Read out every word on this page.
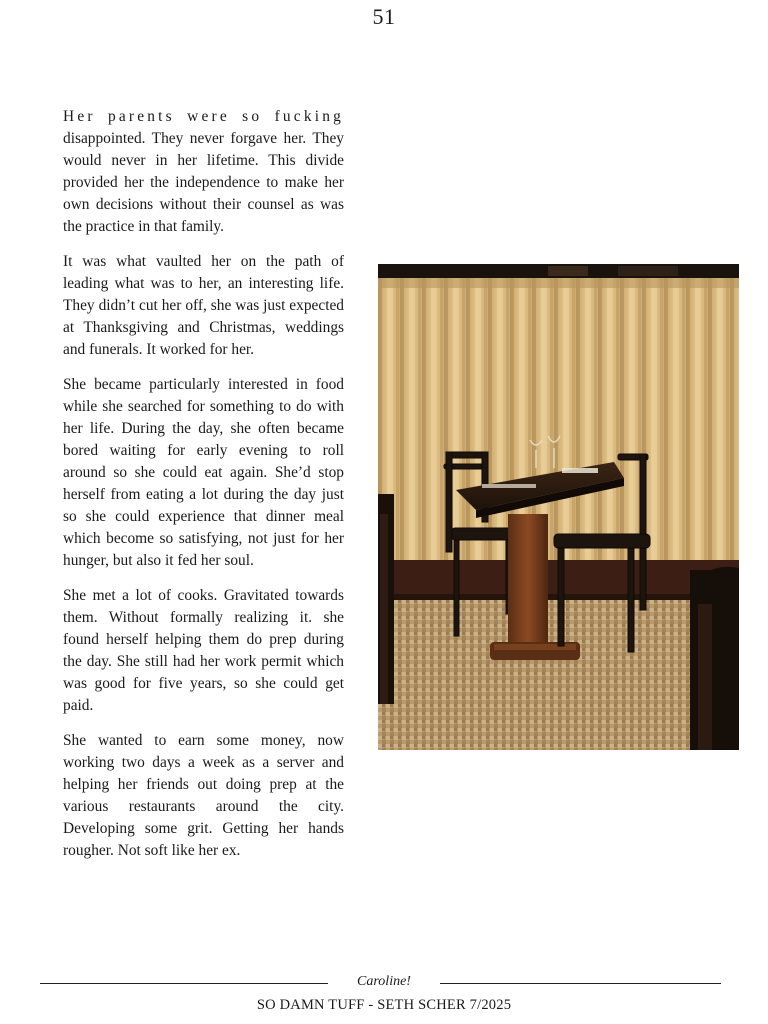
51

Her parents were so fucking disappointed. They never forgave her. They would never in her lifetime. This divide provided her the independence to make her own decisions without their counsel as was the practice in that family.

It was what vaulted her on the path of leading what was to her, an interesting life. They didn’t cut her off, she was just expected at Thanksgiving and Christmas, weddings and funerals. It worked for her.

She became particularly interested in food while she searched for something to do with her life. During the day, she often became bored waiting for early evening to roll around so she could eat again. She’d stop herself from eating a lot during the day just so she could experience that dinner meal which become so satisfying, not just for her hunger, but also it fed her soul.

She met a lot of cooks. Gravitated towards them. Without formally realizing it. she found herself helping them do prep during the day. She still had her work permit which was good for five years, so she could get paid.

She wanted to earn some money, now working two days a week as a server and helping her friends out doing prep at the various restaurants around the city. Developing some grit. Getting her hands rougher. Not soft like her ex.

Caroline!
SO DAMN TUFF - SETH SCHER 7/2025
